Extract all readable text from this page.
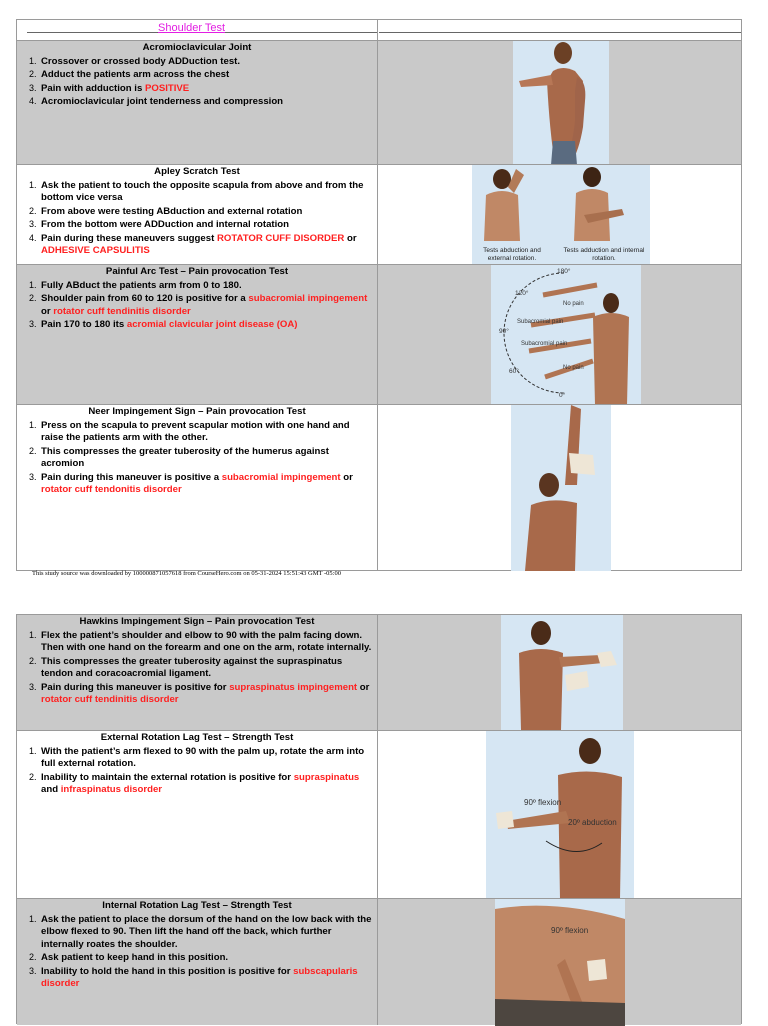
Acromioclavicular Joint
1. Crossover or crossed body ADDuction test.
2. Adduct the patients arm across the chest
3. Pain with adduction is POSITIVE
4. Acromioclavicular joint tenderness and compression
Apley Scratch Test
1. Ask the patient to touch the opposite scapula from above and from the bottom vice versa
2. From above were testing ABduction and external rotation
3. From the bottom were ADDuction and internal rotation
4. Pain during these maneuvers suggest ROTATOR CUFF DISORDER or ADHESIVE CAPSULITIS	Tests abduction and external rotation.
Tests adduction and internal rotation.
Painful Arc Test – Pain provocation Test
1. Fully ABduct the patients arm from 0 to 180.
2. Shoulder pain from 60 to 120 is positive for a subacromial impingement or rotator cuff tendinitis disorder
3. Pain 170 to 180 its acromial clavicular joint disease (OA)
180°
120°
90°
60°
0°
No pain
Subacromial pain
Subacromial pain
No pain
Neer Impingement Sign – Pain provocation Test
1. Press on the scapula to prevent scapular motion with one hand and raise the patients arm with the other.
2. This compresses the greater tuberosity of the humerus against acromion
3. Pain during this maneuver is positive a subacromial impingement or rotator cuff tendonitis disorder
Shoulder Test
This study source was downloaded by 100000871057618 from CourseHero.com on 05-31-2024 15:51:43 GMT -05:00
Hawkins Impingement Sign – Pain provocation Test
1. Flex the patient’s shoulder and elbow to 90 with the palm facing down. Then with one hand on the forearm and one on the arm, rotate internally.
2. This compresses the greater tuberosity against the supraspinatus tendon and coracoacromial ligament.
3. Pain during this maneuver is positive for supraspinatus impingement or rotator cuff tendinitis disorder
External Rotation Lag Test – Strength Test
1. With the patient’s arm flexed to 90 with the palm up, rotate the arm into full external rotation.
2. Inability to maintain the external rotation is positive for supraspinatus and infraspinatus disorder
90º flexion
20º abduction
Internal Rotation Lag Test – Strength Test
1. Ask the patient to place the dorsum of the hand on the low back with the elbow flexed to 90. Then lift the hand off the back, which further internally roates the shoulder.
2. Ask patient to keep hand in this position.
3. Inability to hold the hand in this position is positive for subscapularis disorder
90º flexion
